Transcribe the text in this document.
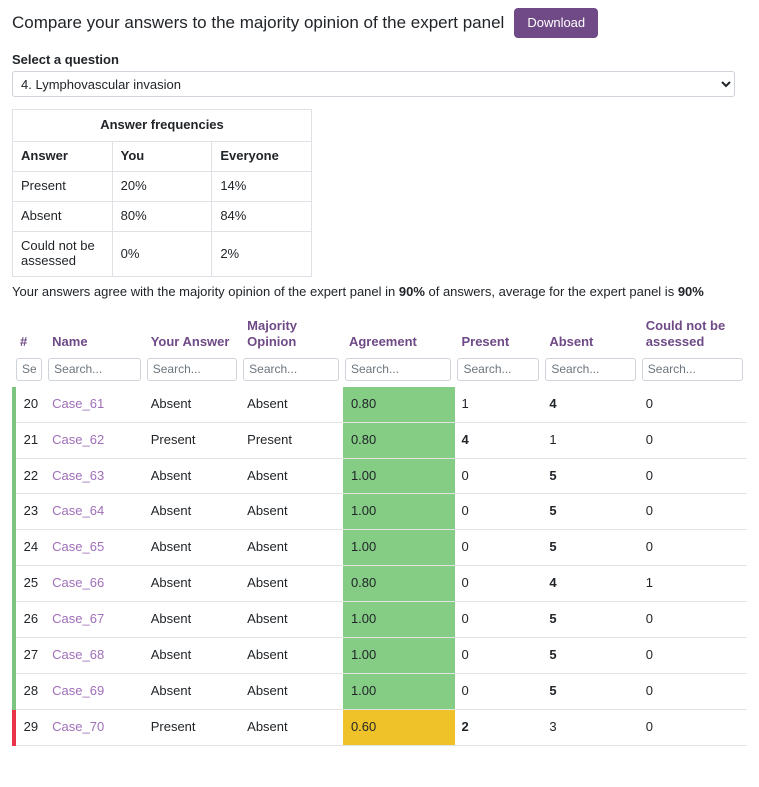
Compare your answers to the majority opinion of the expert panel	Download
Select a question
4. Lymphovascular invasion
Answer frequencies		
Answer	You	Everyone
Present	20%	14%
Absent	80%	84%
Could not be assessed	0%	2%
Your answers agree with the majority opinion of the expert panel in 90% of answers, average for the expert panel is 90%
#	Name	Your Answer	Majority Opinion	Agreement	Present	Absent	Could not be assessed
Search...	Search...	Search...	Search...	Search...	Search...	Search...	Search...
20	Case_61	Absent	Absent	0.80	1	4	0
21	Case_62	Present	Present	0.80	4	1	0
22	Case_63	Absent	Absent	1.00	0	5	0
23	Case_64	Absent	Absent	1.00	0	5	0
24	Case_65	Absent	Absent	1.00	0	5	0
25	Case_66	Absent	Absent	0.80	0	4	1
26	Case_67	Absent	Absent	1.00	0	5	0
27	Case_68	Absent	Absent	1.00	0	5	0
28	Case_69	Absent	Absent	1.00	0	5	0
29	Case_70	Present	Absent	0.60	2	3	0
